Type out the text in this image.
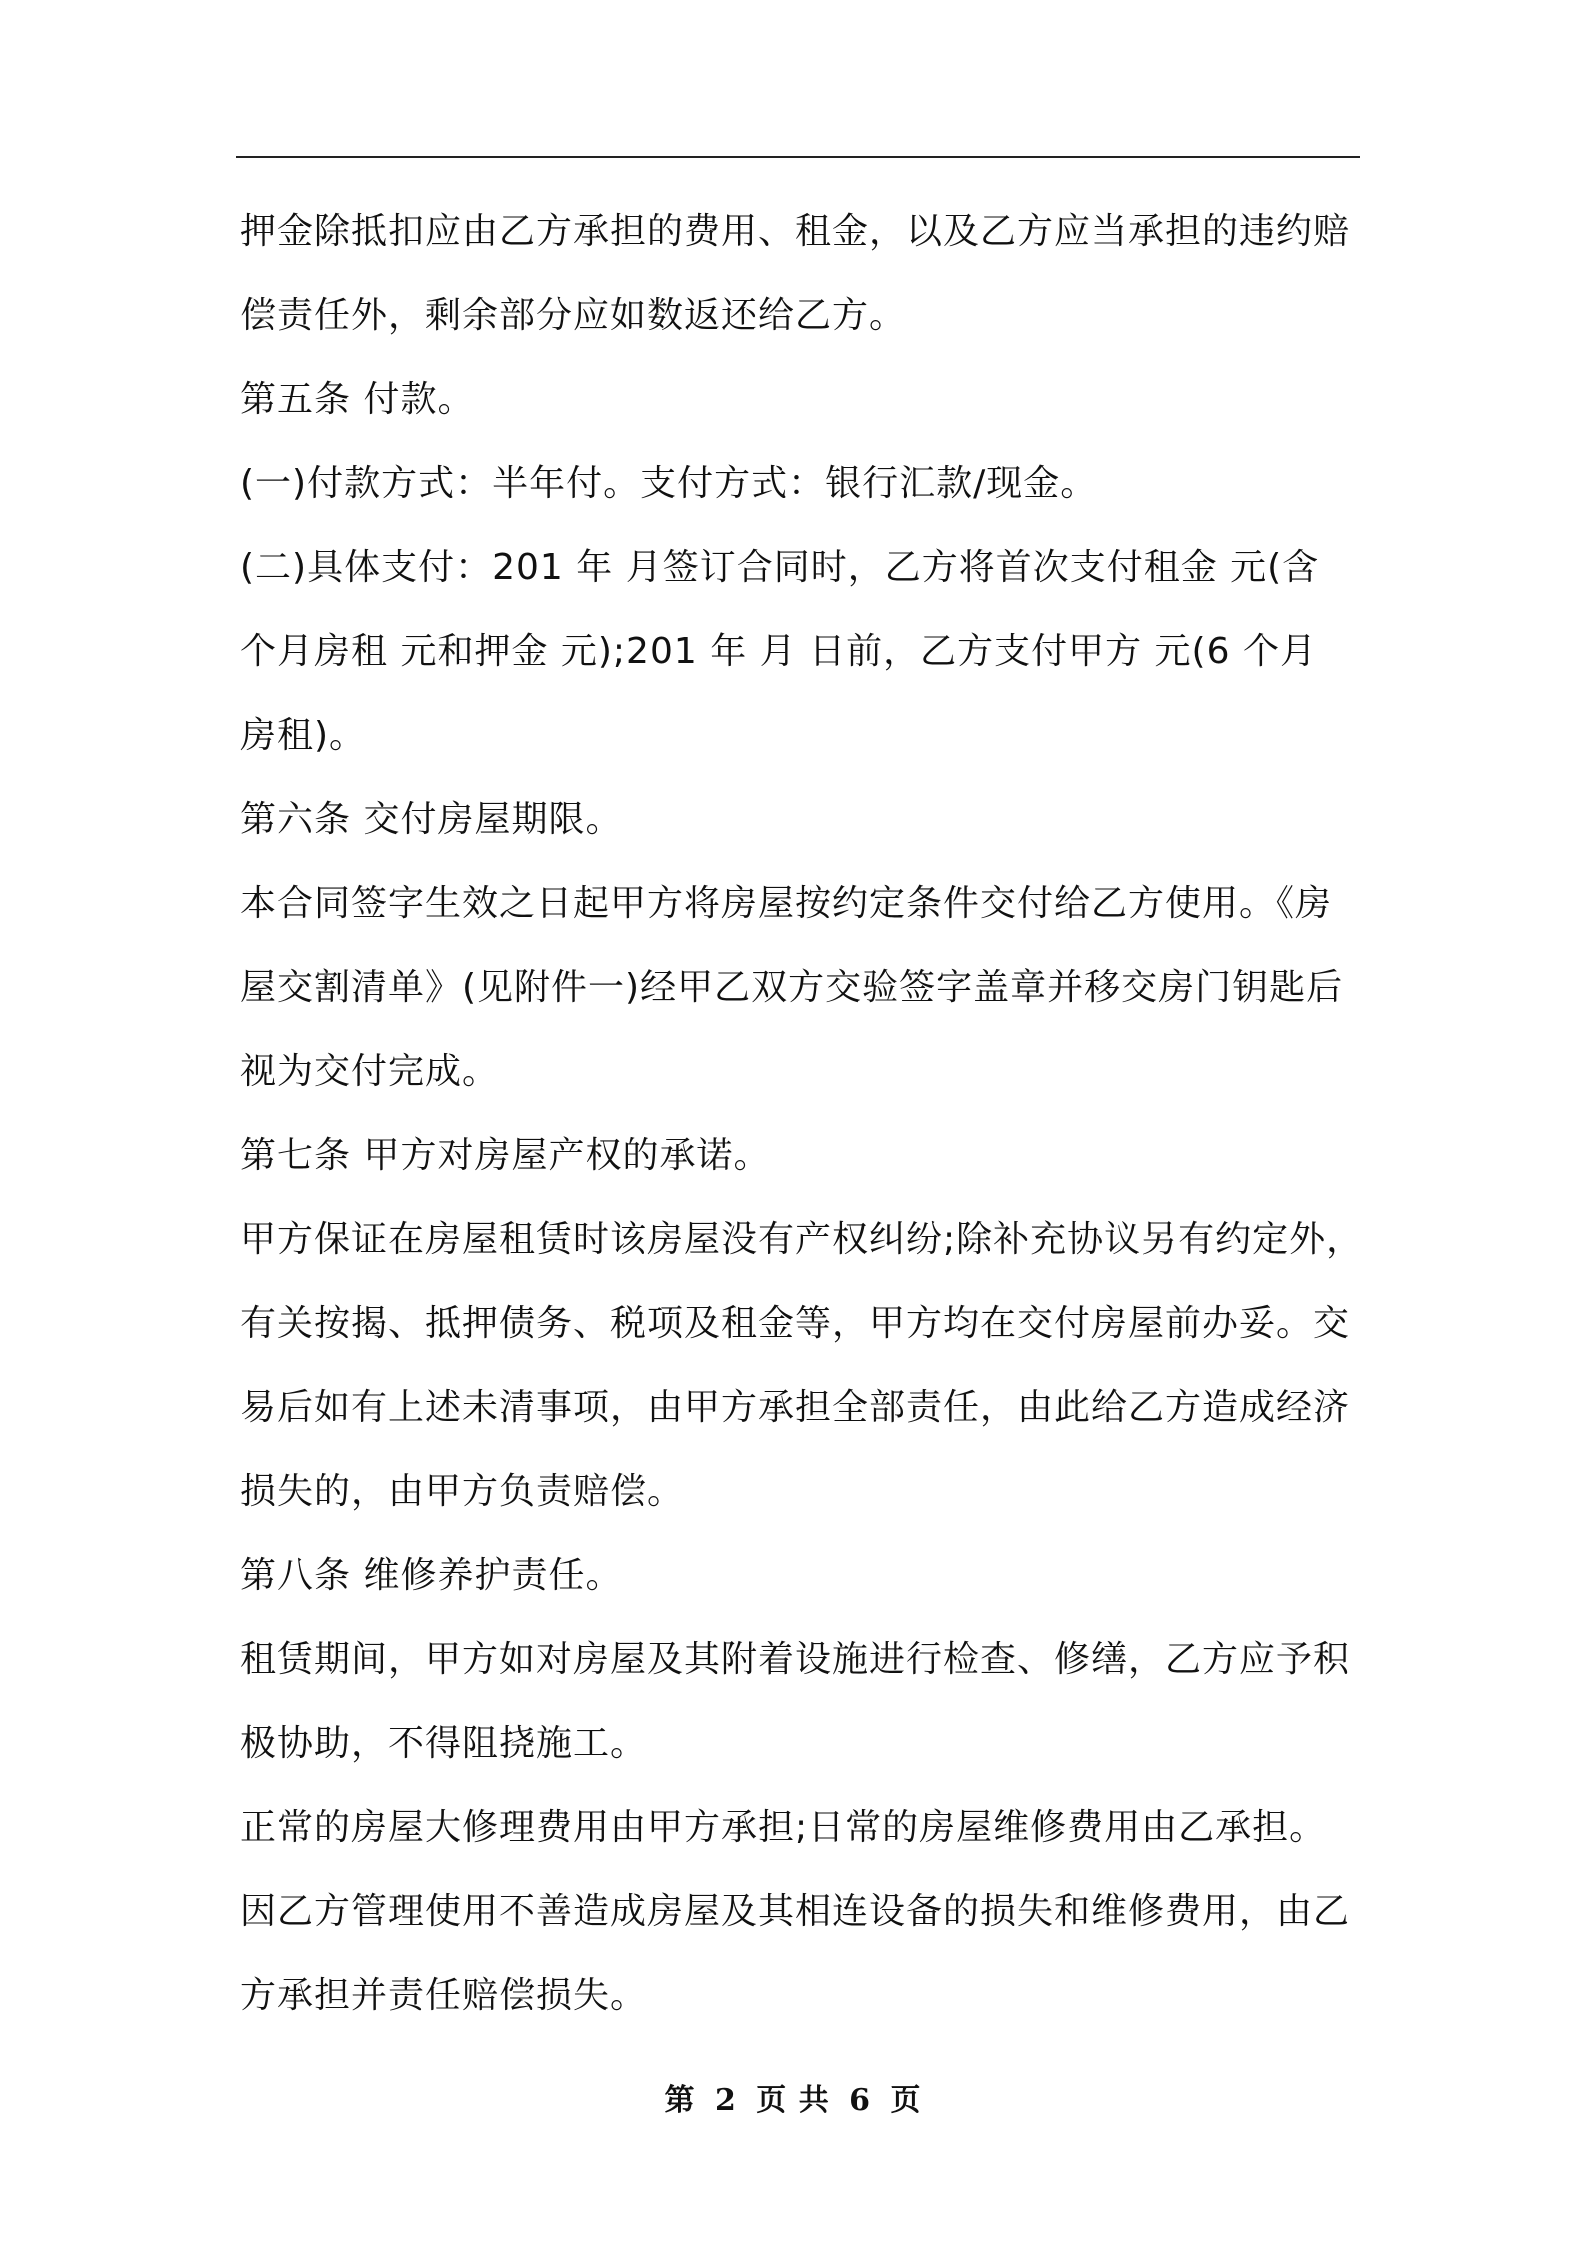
押金除抵扣应由乙方承担的费用、租金，以及乙方应当承担的违约赔

偿责任外，剩余部分应如数返还给乙方。

第五条 付款。

(一)付款方式：半年付。支付方式：银行汇款/现金。

(二)具体支付：201 年 月签订合同时，乙方将首次支付租金 元(含

个月房租 元和押金 元);201 年 月 日前，乙方支付甲方 元(6 个月

房租)。

第六条 交付房屋期限。

本合同签字生效之日起甲方将房屋按约定条件交付给乙方使用。《房

屋交割清单》(见附件一)经甲乙双方交验签字盖章并移交房门钥匙后

视为交付完成。

第七条 甲方对房屋产权的承诺。

甲方保证在房屋租赁时该房屋没有产权纠纷;除补充协议另有约定外，

有关按揭、抵押债务、税项及租金等，甲方均在交付房屋前办妥。交

易后如有上述未清事项，由甲方承担全部责任，由此给乙方造成经济

损失的，由甲方负责赔偿。

第八条 维修养护责任。

租赁期间，甲方如对房屋及其附着设施进行检查、修缮，乙方应予积

极协助，不得阻挠施工。

正常的房屋大修理费用由甲方承担;日常的房屋维修费用由乙承担。

因乙方管理使用不善造成房屋及其相连设备的损失和维修费用，由乙

方承担并责任赔偿损失。

第 2 页 共 6 页
